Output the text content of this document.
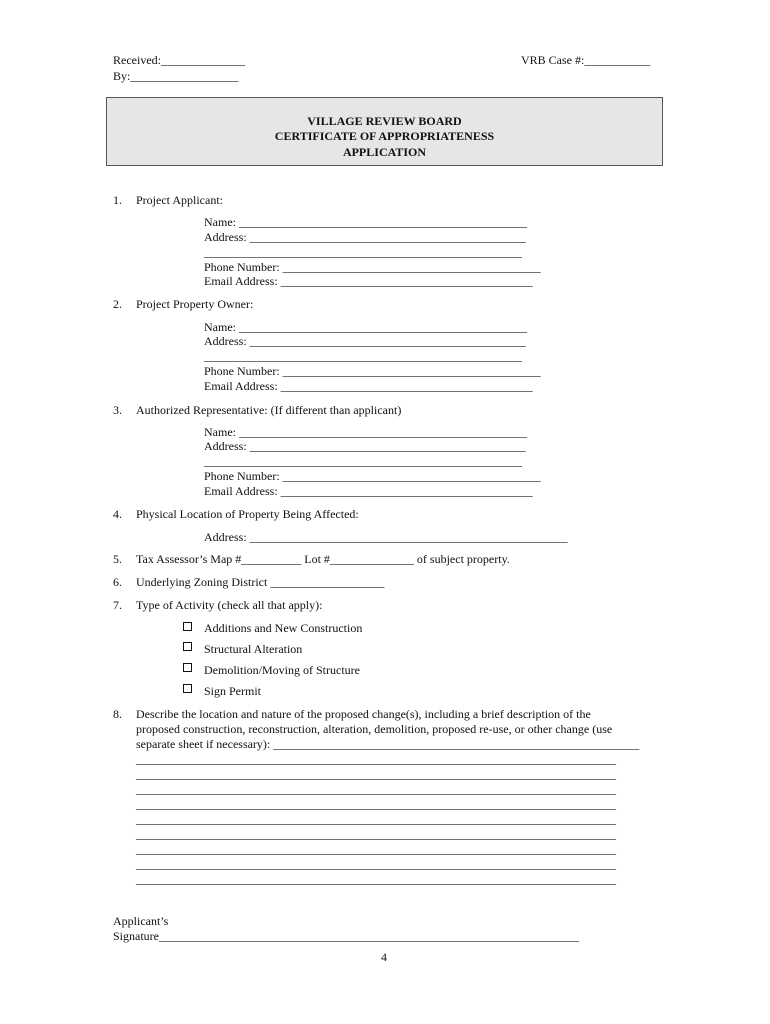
Received:______________
By:__________________
VRB Case #:___________
VILLAGE REVIEW BOARD
CERTIFICATE OF APPROPRIATENESS
APPLICATION
1. Project Applicant:
Name: ________________________________________________
Address: ______________________________________________
_____________________________________________________
Phone Number: ___________________________________________
Email Address: __________________________________________
2. Project Property Owner:
Name: ________________________________________________
Address: ______________________________________________
_____________________________________________________
Phone Number: ___________________________________________
Email Address: __________________________________________
3. Authorized Representative: (If different than applicant)
Name: ________________________________________________
Address: ______________________________________________
_____________________________________________________
Phone Number: ___________________________________________
Email Address: __________________________________________
4. Physical Location of Property Being Affected:
Address: _____________________________________________________
5. Tax Assessor’s Map #__________ Lot #______________ of subject property.
6. Underlying Zoning District ___________________
7. Type of Activity (check all that apply):
Additions and New Construction
Structural Alteration
Demolition/Moving of Structure
Sign Permit
8. Describe the location and nature of the proposed change(s), including a brief description of the
proposed construction, reconstruction, alteration, demolition, proposed re-use, or other change (use
separate sheet if necessary): _____________________________________________________________
________________________________________________________________________________
________________________________________________________________________________
________________________________________________________________________________
________________________________________________________________________________
________________________________________________________________________________
________________________________________________________________________________
________________________________________________________________________________
________________________________________________________________________________
________________________________________________________________________________
Applicant’s
Signature______________________________________________________________________
4
